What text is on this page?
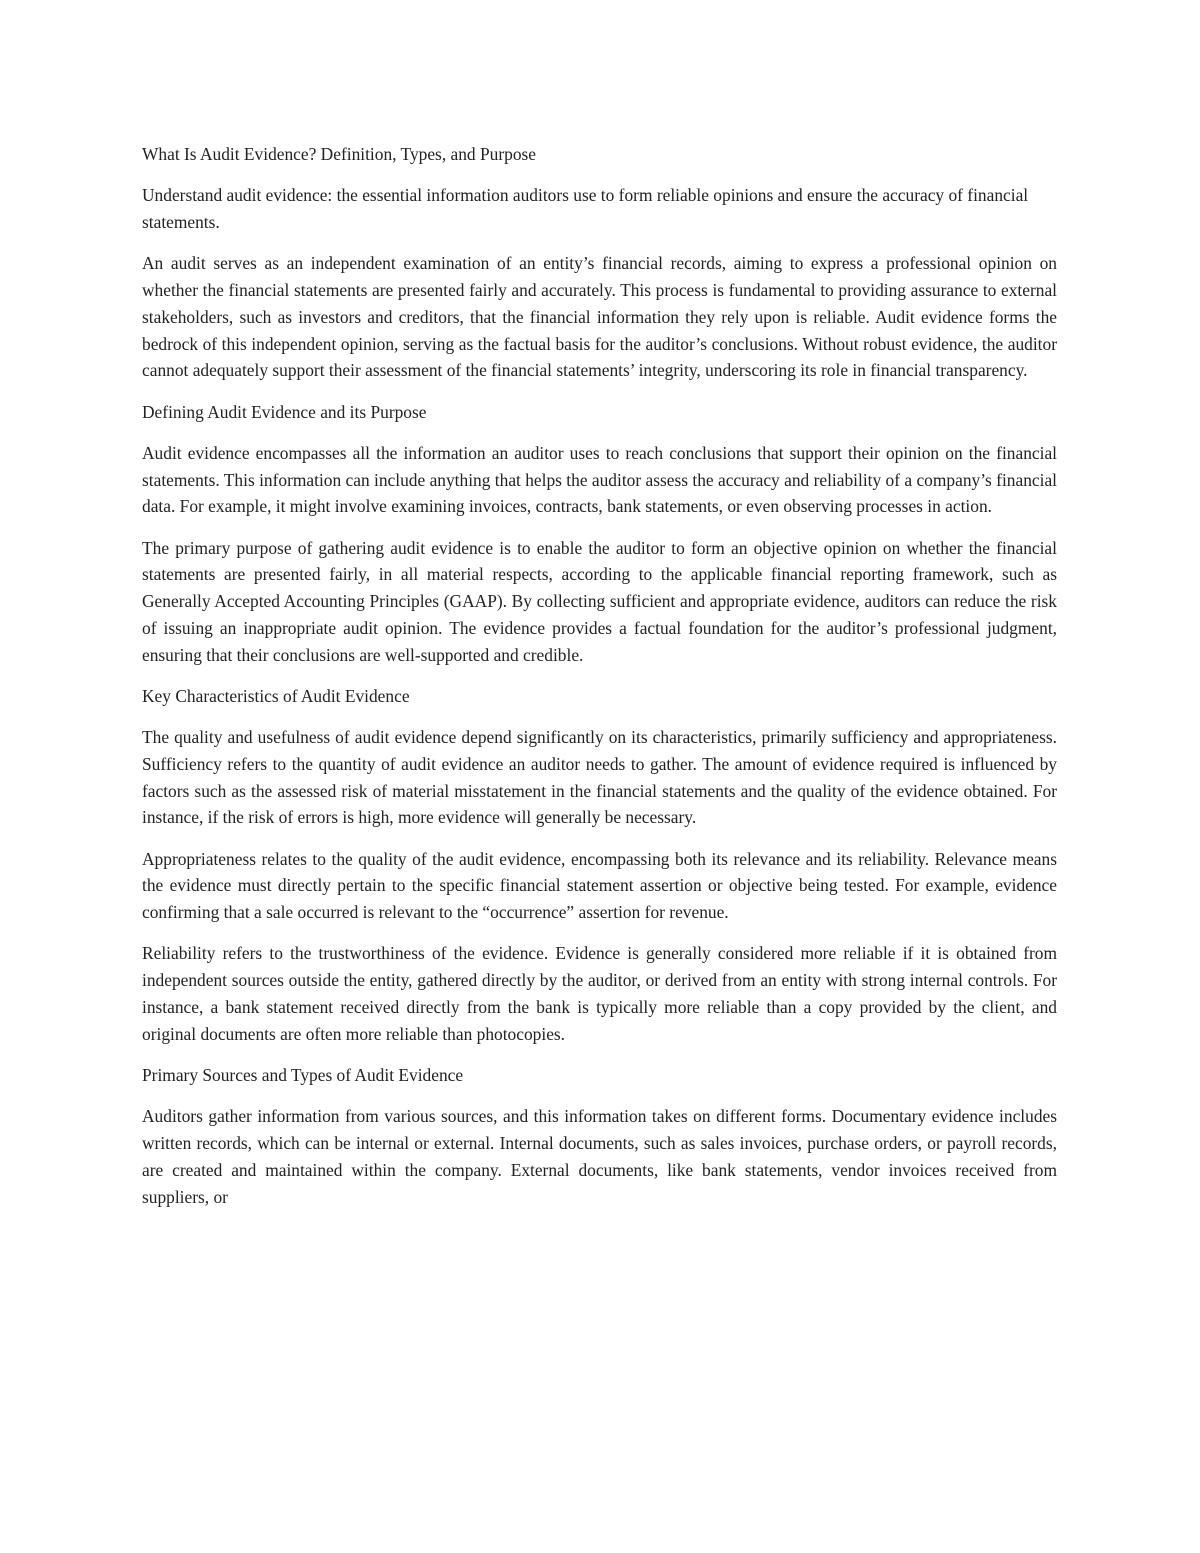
What Is Audit Evidence? Definition, Types, and Purpose

Understand audit evidence: the essential information auditors use to form reliable opinions and ensure the accuracy of financial statements.

An audit serves as an independent examination of an entity’s financial records, aiming to express a professional opinion on whether the financial statements are presented fairly and accurately. This process is fundamental to providing assurance to external stakeholders, such as investors and creditors, that the financial information they rely upon is reliable. Audit evidence forms the bedrock of this independent opinion, serving as the factual basis for the auditor’s conclusions. Without robust evidence, the auditor cannot adequately support their assessment of the financial statements’ integrity, underscoring its role in financial transparency.

Defining Audit Evidence and its Purpose

Audit evidence encompasses all the information an auditor uses to reach conclusions that support their opinion on the financial statements. This information can include anything that helps the auditor assess the accuracy and reliability of a company’s financial data. For example, it might involve examining invoices, contracts, bank statements, or even observing processes in action.

The primary purpose of gathering audit evidence is to enable the auditor to form an objective opinion on whether the financial statements are presented fairly, in all material respects, according to the applicable financial reporting framework, such as Generally Accepted Accounting Principles (GAAP). By collecting sufficient and appropriate evidence, auditors can reduce the risk of issuing an inappropriate audit opinion. The evidence provides a factual foundation for the auditor’s professional judgment, ensuring that their conclusions are well-supported and credible.

Key Characteristics of Audit Evidence

The quality and usefulness of audit evidence depend significantly on its characteristics, primarily sufficiency and appropriateness. Sufficiency refers to the quantity of audit evidence an auditor needs to gather. The amount of evidence required is influenced by factors such as the assessed risk of material misstatement in the financial statements and the quality of the evidence obtained. For instance, if the risk of errors is high, more evidence will generally be necessary.

Appropriateness relates to the quality of the audit evidence, encompassing both its relevance and its reliability. Relevance means the evidence must directly pertain to the specific financial statement assertion or objective being tested. For example, evidence confirming that a sale occurred is relevant to the “occurrence” assertion for revenue.

Reliability refers to the trustworthiness of the evidence. Evidence is generally considered more reliable if it is obtained from independent sources outside the entity, gathered directly by the auditor, or derived from an entity with strong internal controls. For instance, a bank statement received directly from the bank is typically more reliable than a copy provided by the client, and original documents are often more reliable than photocopies.

Primary Sources and Types of Audit Evidence

Auditors gather information from various sources, and this information takes on different forms. Documentary evidence includes written records, which can be internal or external. Internal documents, such as sales invoices, purchase orders, or payroll records, are created and maintained within the company. External documents, like bank statements, vendor invoices received from suppliers, or
